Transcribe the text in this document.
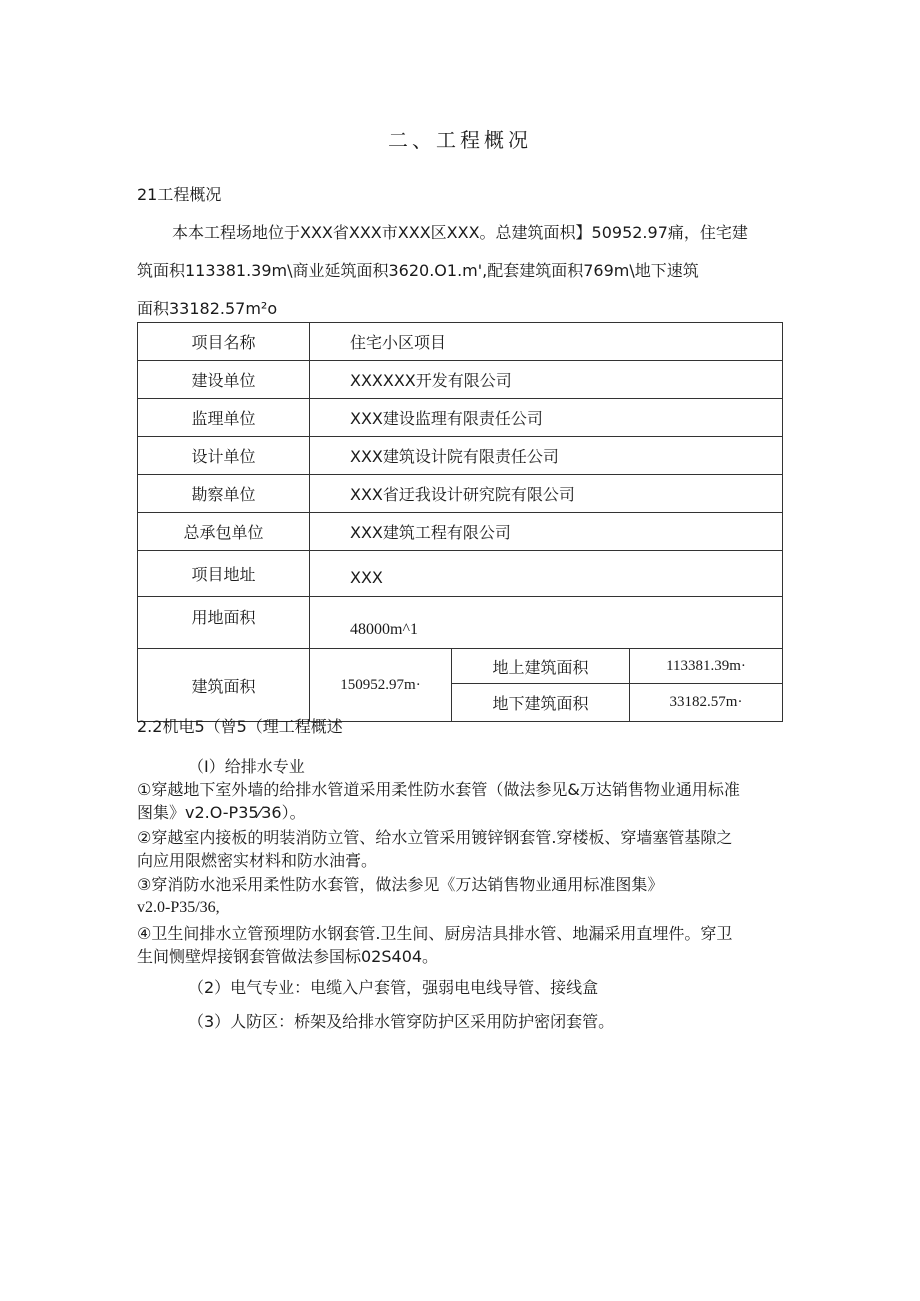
二、工程概况
21工程概况
本本工程场地位于XXX省XXX市XXX区XXX。总建筑面枳】50952.97痛，住宅建
筑面积113381.39m\商业延筑面积3620.O1.m',配套建筑面积769m\地下速筑
面积33182.57m²o
项目名称	住宅小区项目		
建设单位	XXXXXX开发有限公司		
监理单位	XXX建设监理有限责任公司		
设计单位	XXX建筑设计院有限责任公司		
勘察单位	XXX省迂我设计研究院有限公司		
总承包单位	XXX建筑工程有限公司		
项目地址	XXX		
用地面积	48000m^1		
建筑面积	150952.97m·	地上建筑面积	113381.39m·
		地下建筑面积	33182.57m·
2.2机电5（曾5（理工程概述
（I）给排水专业
①穿越地下室外墙的给排水管道采用柔性防水套管（做法参见&万达销售物业通用标准
图集》v2.O-P35⁄36）。
②穿越室内接板的明装消防立管、给水立管采用镀锌钢套管.穿楼板、穿墙塞管基隙之
向应用限燃密实材料和防水油膏。
③穿消防水池采用柔性防水套管，做法参见《万达销售物业通用标准图集》
v2.0-P35/36,
④卫生间排水立管预埋防水钢套管.卫生间、厨房洁具排水管、地漏采用直埋件。穿卫
生间恻壁焊接钢套管做法参国标02S404。
（2）电气专业：电缆入户套管，强弱电电线导管、接线盒
（3）人防区：桥架及给排水管穿防护区采用防护密闭套管。
